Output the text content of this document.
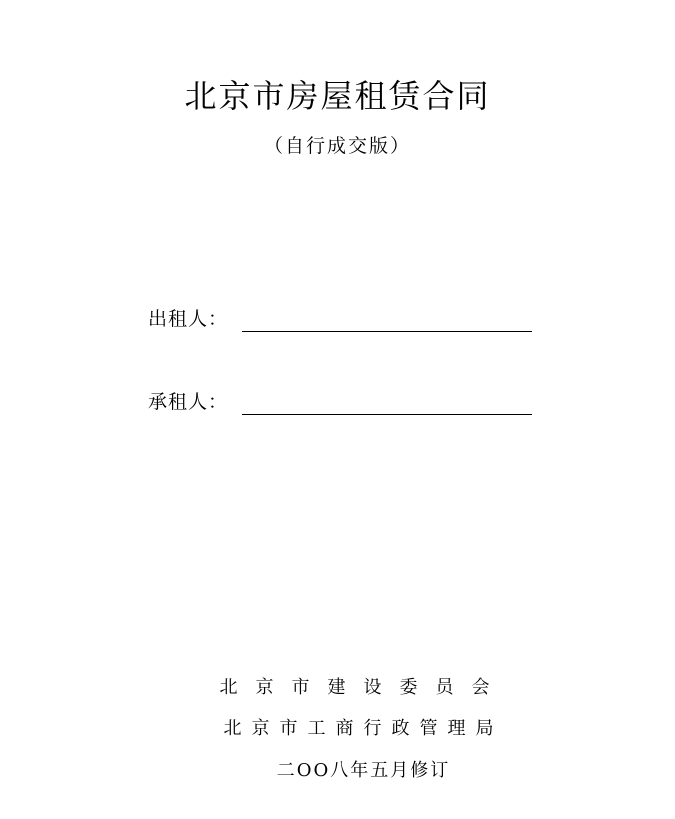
北京市房屋租赁合同
（自行成交版）
出租人：
承租人：
北京市建设委员会
北京市工商行政管理局
二OO八年五月修订
